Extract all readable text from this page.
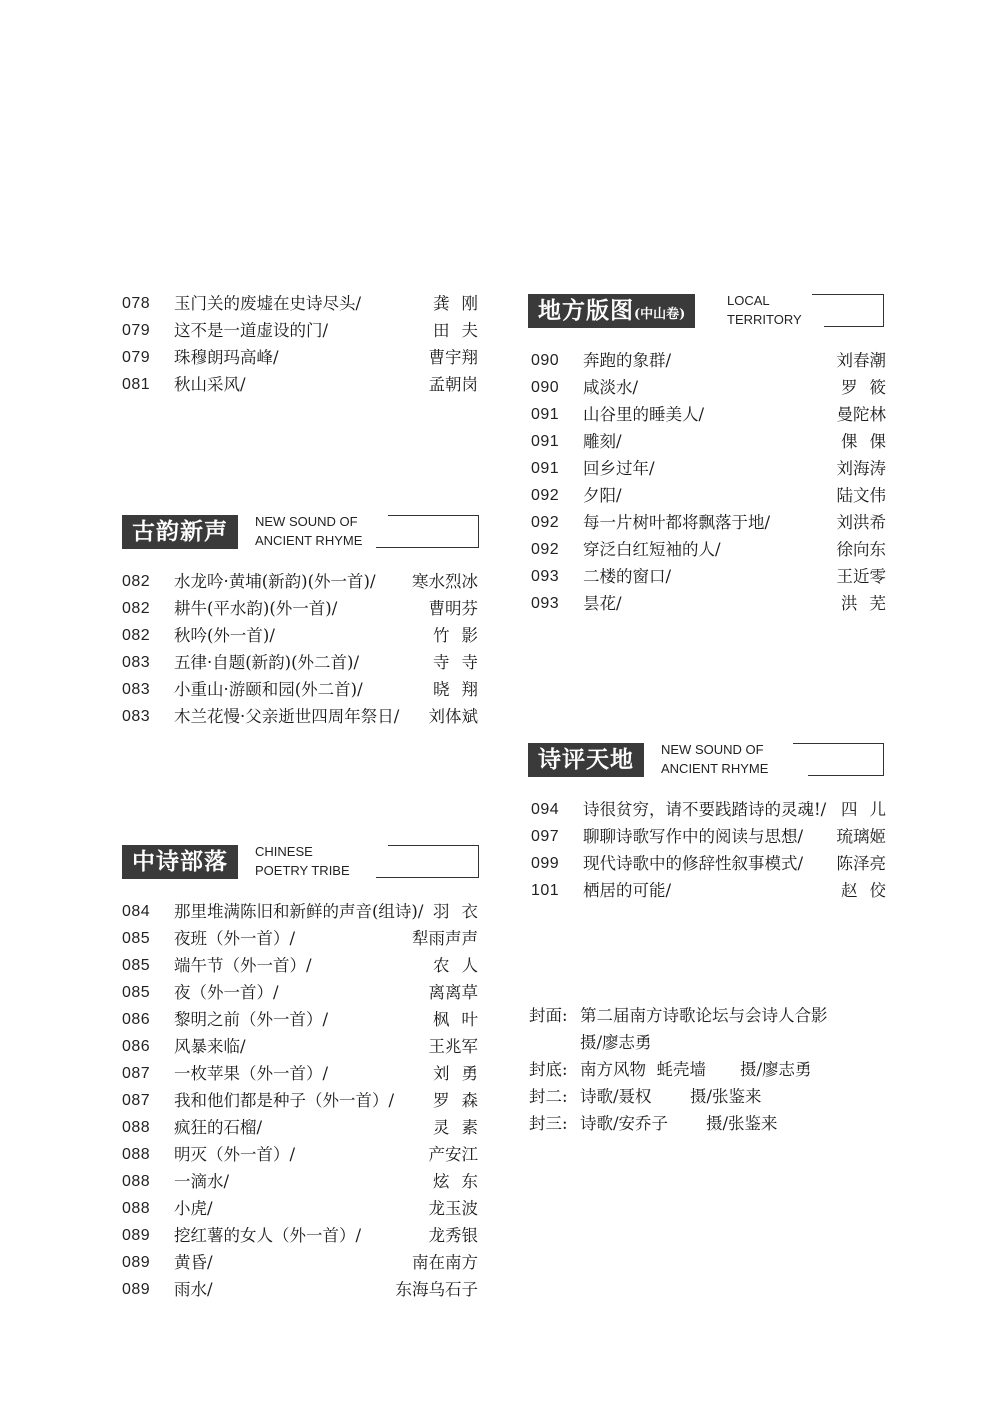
078 玉门关的废墟在史诗尽头/	龚刚
079 这不是一道虚设的门/	田夫
079 珠穆朗玛高峰/	曹宇翔
081 秋山采风/	孟朝岗
古韵新声	NEW SOUND OF
ANCIENT RHYME
082 水龙吟·黄埔(新韵)(外一首)/ 寒水烈冰
082 耕牛(平水韵)(外一首)/	曹明芬
082 秋吟(外一首)/	竹影
083 五律·自题(新韵)(外二首)/	寺寺
083 小重山·游颐和园(外二首)/	晓翔
083 木兰花慢·父亲逝世四周年祭日/ 刘体斌
中诗部落	CHINESE
POETRY TRIBE
084 那里堆满陈旧和新鲜的声音(组诗)/ 羽衣
085 夜班（外一首）/	犁雨声声
085 端午节（外一首）/	农人
085 夜（外一首）/	离离草
086 黎明之前（外一首）/	枫叶
086 风暴来临/	王兆军
087 一枚苹果（外一首）/	刘勇
087 我和他们都是种子（外一首）/ 罗森
088 疯狂的石榴/	灵素
088 明灭（外一首）/	产安江
088 一滴水/	炫东
088 小虎/	龙玉波
089 挖红薯的女人（外一首）/	龙秀银
089 黄昏/	南在南方
089 雨水/	东海乌石子
地方版图(中山卷)
LOCAL
TERRITORY
090 奔跑的象群/	刘春潮
090 咸淡水/	罗筱
091 山谷里的睡美人/	曼陀林
091 雕刻/	倮倮
091 回乡过年/	刘海涛
092 夕阳/	陆文伟
092 每一片树叶都将飘落于地/	刘洪希
092 穿泛白红短袖的人/	徐向东
093 二楼的窗口/	王近零
093 昙花/	洪芜
诗评天地	NEW SOUND OF
ANCIENT RHYME
094 诗很贫穷，请不要践踏诗的灵魂!/ 四儿
097 聊聊诗歌写作中的阅读与思想/ 琉璃姬
099 现代诗歌中的修辞性叙事模式/ 陈泽亮
101 栖居的可能/	赵佼
封面: 第二届南方诗歌论坛与会诗人合影
摄/廖志勇
封底: 南方风物  蚝壳墙 摄/廖志勇
封二: 诗歌/聂权 摄/张鉴来
封三: 诗歌/安乔子 摄/张鉴来
